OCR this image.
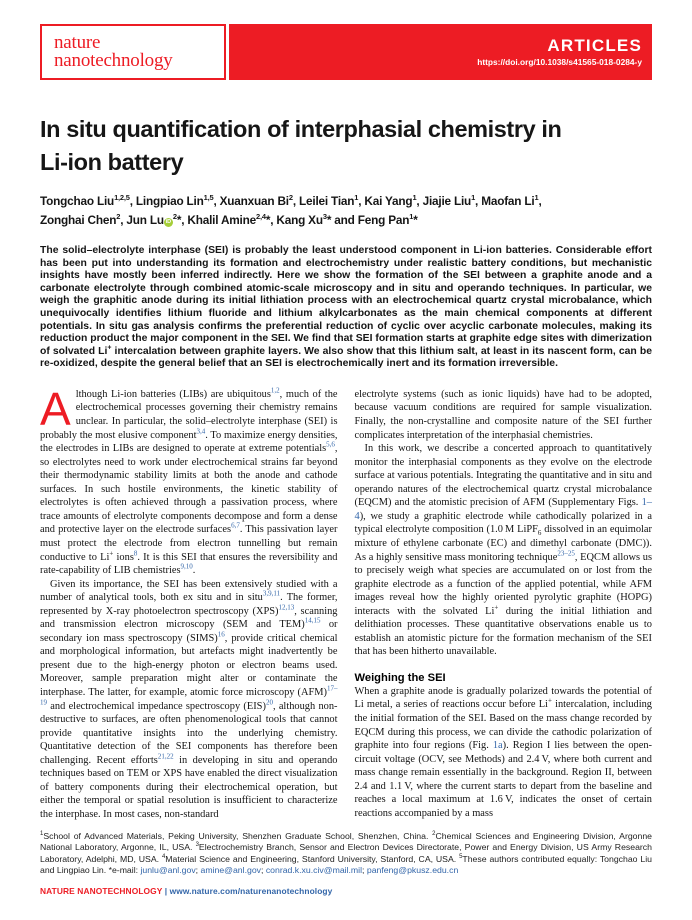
nature
nanotechnology
ARTICLES
https://doi.org/10.1038/s41565-018-0284-y
In situ quantification of interphasial chemistry in
Li-ion battery
Tongchao Liu$^{1,2,5}$, Lingpiao Lin$^{1,5}$, Xuanxuan Bi$^2$, Leilei Tian$^1$, Kai Yang$^1$, Jiajie Liu$^1$, Maofan Li$^1$,
Zonghai Chen$^2$, Jun Lu $iD^2*$, Khalil Amine$^{2,4}$*, Kang Xu$^3$* and Feng Pan$^1$*
The solid–electrolyte interphase (SEI) is probably the least understood component in Li-ion batteries. Considerable effort has been put into understanding its formation and electrochemistry under realistic battery conditions, but mechanistic insights have mostly been inferred indirectly. Here we show the formation of the SEI between a graphite anode and a carbonate electrolyte through combined atomic-scale microscopy and in situ and operando techniques. In particular, we weigh the graphitic anode during its initial lithiation process with an electrochemical quartz crystal microbalance, which unequivocally identifies lithium fluoride and lithium alkylcarbonates as the main chemical components at different potentials. In situ gas analysis confirms the preferential reduction of cyclic over acyclic carbonate molecules, making its reduction product the major component in the SEI. We find that SEI formation starts at graphite edge sites with dimerization of solvated Li+ intercalation between graphite layers. We also show that this lithium salt, at least in its nascent form, can be re-oxidized, despite the general belief that an SEI is electrochemically inert and its formation irreversible.

Although Li-ion batteries (LIBs) are ubiquitous$^{1,2}$, much of the electrochemical processes governing their chemistry remains unclear. In particular, the solid–electrolyte interphase (SEI) is probably the most elusive component$^{3,4}$. To maximize energy densities, the electrodes in LIBs are designed to operate at extreme potentials$^{5,6}$, so electrolytes need to work under electrochemical strains far beyond their thermodynamic stability limits at both the anode and cathode surfaces. In such hostile environments, the kinetic stability of electrolytes is often achieved through a passivation process, where trace amounts of electrolyte components decompose and form a dense and protective layer on the electrode surfaces$^{6,7}$. This passivation layer must protect the electrode from electron tunnelling but remain conductive to Li+ ions$^8$. It is this SEI that ensures the reversibility and rate-capability of LIB chemistries$^{9,10}$.

Given its importance, the SEI has been extensively studied with a number of analytical tools, both ex situ and in situ$^{3,9,11}$. The former, represented by X-ray photoelectron spectroscopy (XPS)$^{12,13}$, scanning and transmission electron microscopy (SEM and TEM)$^{14,15}$ or secondary ion mass spectroscopy (SIMS)$^{16}$, provide critical chemical and morphological information, but artefacts might inadvertently be present due to the high-energy photon or electron beams used. Moreover, sample preparation might alter or contaminate the interphase. The latter, for example, atomic force microscopy (AFM)$^{17-19}$ and electrochemical impedance spectroscopy (EIS)$^{20}$, although non-destructive to surfaces, are often phenomenological tools that cannot provide quantitative insights into the underlying chemistry. Quantitative detection of the SEI components has therefore been challenging. Recent efforts$^{21,22}$ in developing in situ and operando techniques based on TEM or XPS have enabled the direct visualization of battery components during their electrochemical operation, but either the temporal or spatial resolution is insufficient to characterize the interphase. In most cases, non-standard

electrolyte systems (such as ionic liquids) have had to be adopted, because vacuum conditions are required for sample visualization. Finally, the non-crystalline and composite nature of the SEI further complicates interpretation of the interphasial chemistries.

In this work, we describe a concerted approach to quantitatively monitor the interphasial components as they evolve on the electrode surface at various potentials. Integrating the quantitative and in situ and operando natures of the electrochemical quartz crystal microbalance (EQCM) and the atomistic precision of AFM (Supplementary Figs. 1–4), we study a graphitic electrode while cathodically polarized in a typical electrolyte composition (1.0 M LiPF$_6$ dissolved in an equimolar mixture of ethylene carbonate (EC) and dimethyl carbonate (DMC)). As a highly sensitive mass monitoring technique$^{23-25}$, EQCM allows us to precisely weigh what species are accumulated on or lost from the graphite electrode as a function of the applied potential, while AFM images reveal how the highly oriented pyrolytic graphite (HOPG) interacts with the solvated Li+ during the initial lithiation and delithiation processes. These quantitative observations enable us to establish an atomistic picture for the formation mechanism of the SEI that has been hitherto unavailable.

Weighing the SEI

When a graphite anode is gradually polarized towards the potential of Li metal, a series of reactions occur before Li+ intercalation, including the initial formation of the SEI. Based on the mass change recorded by EQCM during this process, we can divide the cathodic polarization of graphite into four regions (Fig. 1a). Region I lies between the open-circuit voltage (OCV, see Methods) and 2.4 V, where both current and mass change remain essentially in the background. Region II, between 2.4 and 1.1 V, where the current starts to depart from the baseline and reaches a local maximum at 1.6 V, indicates the onset of certain reactions accompanied by a mass

$^1$School of Advanced Materials, Peking University, Shenzhen Graduate School, Shenzhen, China. $^2$Chemical Sciences and Engineering Division, Argonne National Laboratory, Argonne, IL, USA. $^3$Electrochemistry Branch, Sensor and Electron Devices Directorate, Power and Energy Division, US Army Research Laboratory, Adelphi, MD, USA. $^4$Material Science and Engineering, Stanford University, Stanford, CA, USA. $^5$These authors contributed equally: Tongchao Liu and Lingpiao Lin. *e-mail: junlu@anl.gov; amine@anl.gov; conrad.k.xu.civ@mail.mil; panfeng@pkusz.edu.cn
NATURE NANOTECHNOLOGY | www.nature.com/naturenanotechnology
